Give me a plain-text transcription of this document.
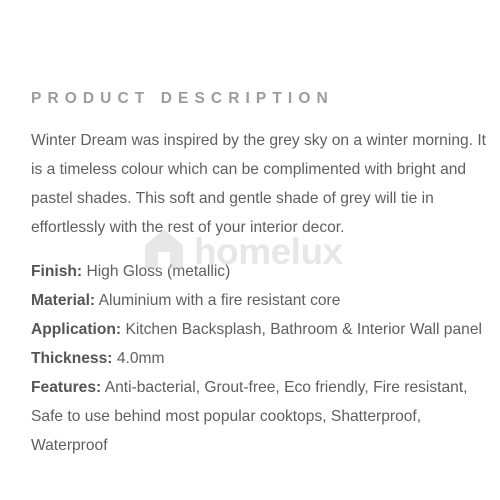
PRODUCT DESCRIPTION

Winter Dream was inspired by the grey sky on a winter morning. It is a timeless colour which can be complimented with bright and pastel shades. This soft and gentle shade of grey will tie in effortlessly with the rest of your interior decor.

Finish: High Gloss (metallic)
Material: Aluminium with a fire resistant core
Application: Kitchen Backsplash, Bathroom & Interior Wall panel
Thickness: 4.0mm
Features: Anti-bacterial, Grout-free, Eco friendly, Fire resistant, Safe to use behind most popular cooktops, Shatterproof, Waterproof
homelux
